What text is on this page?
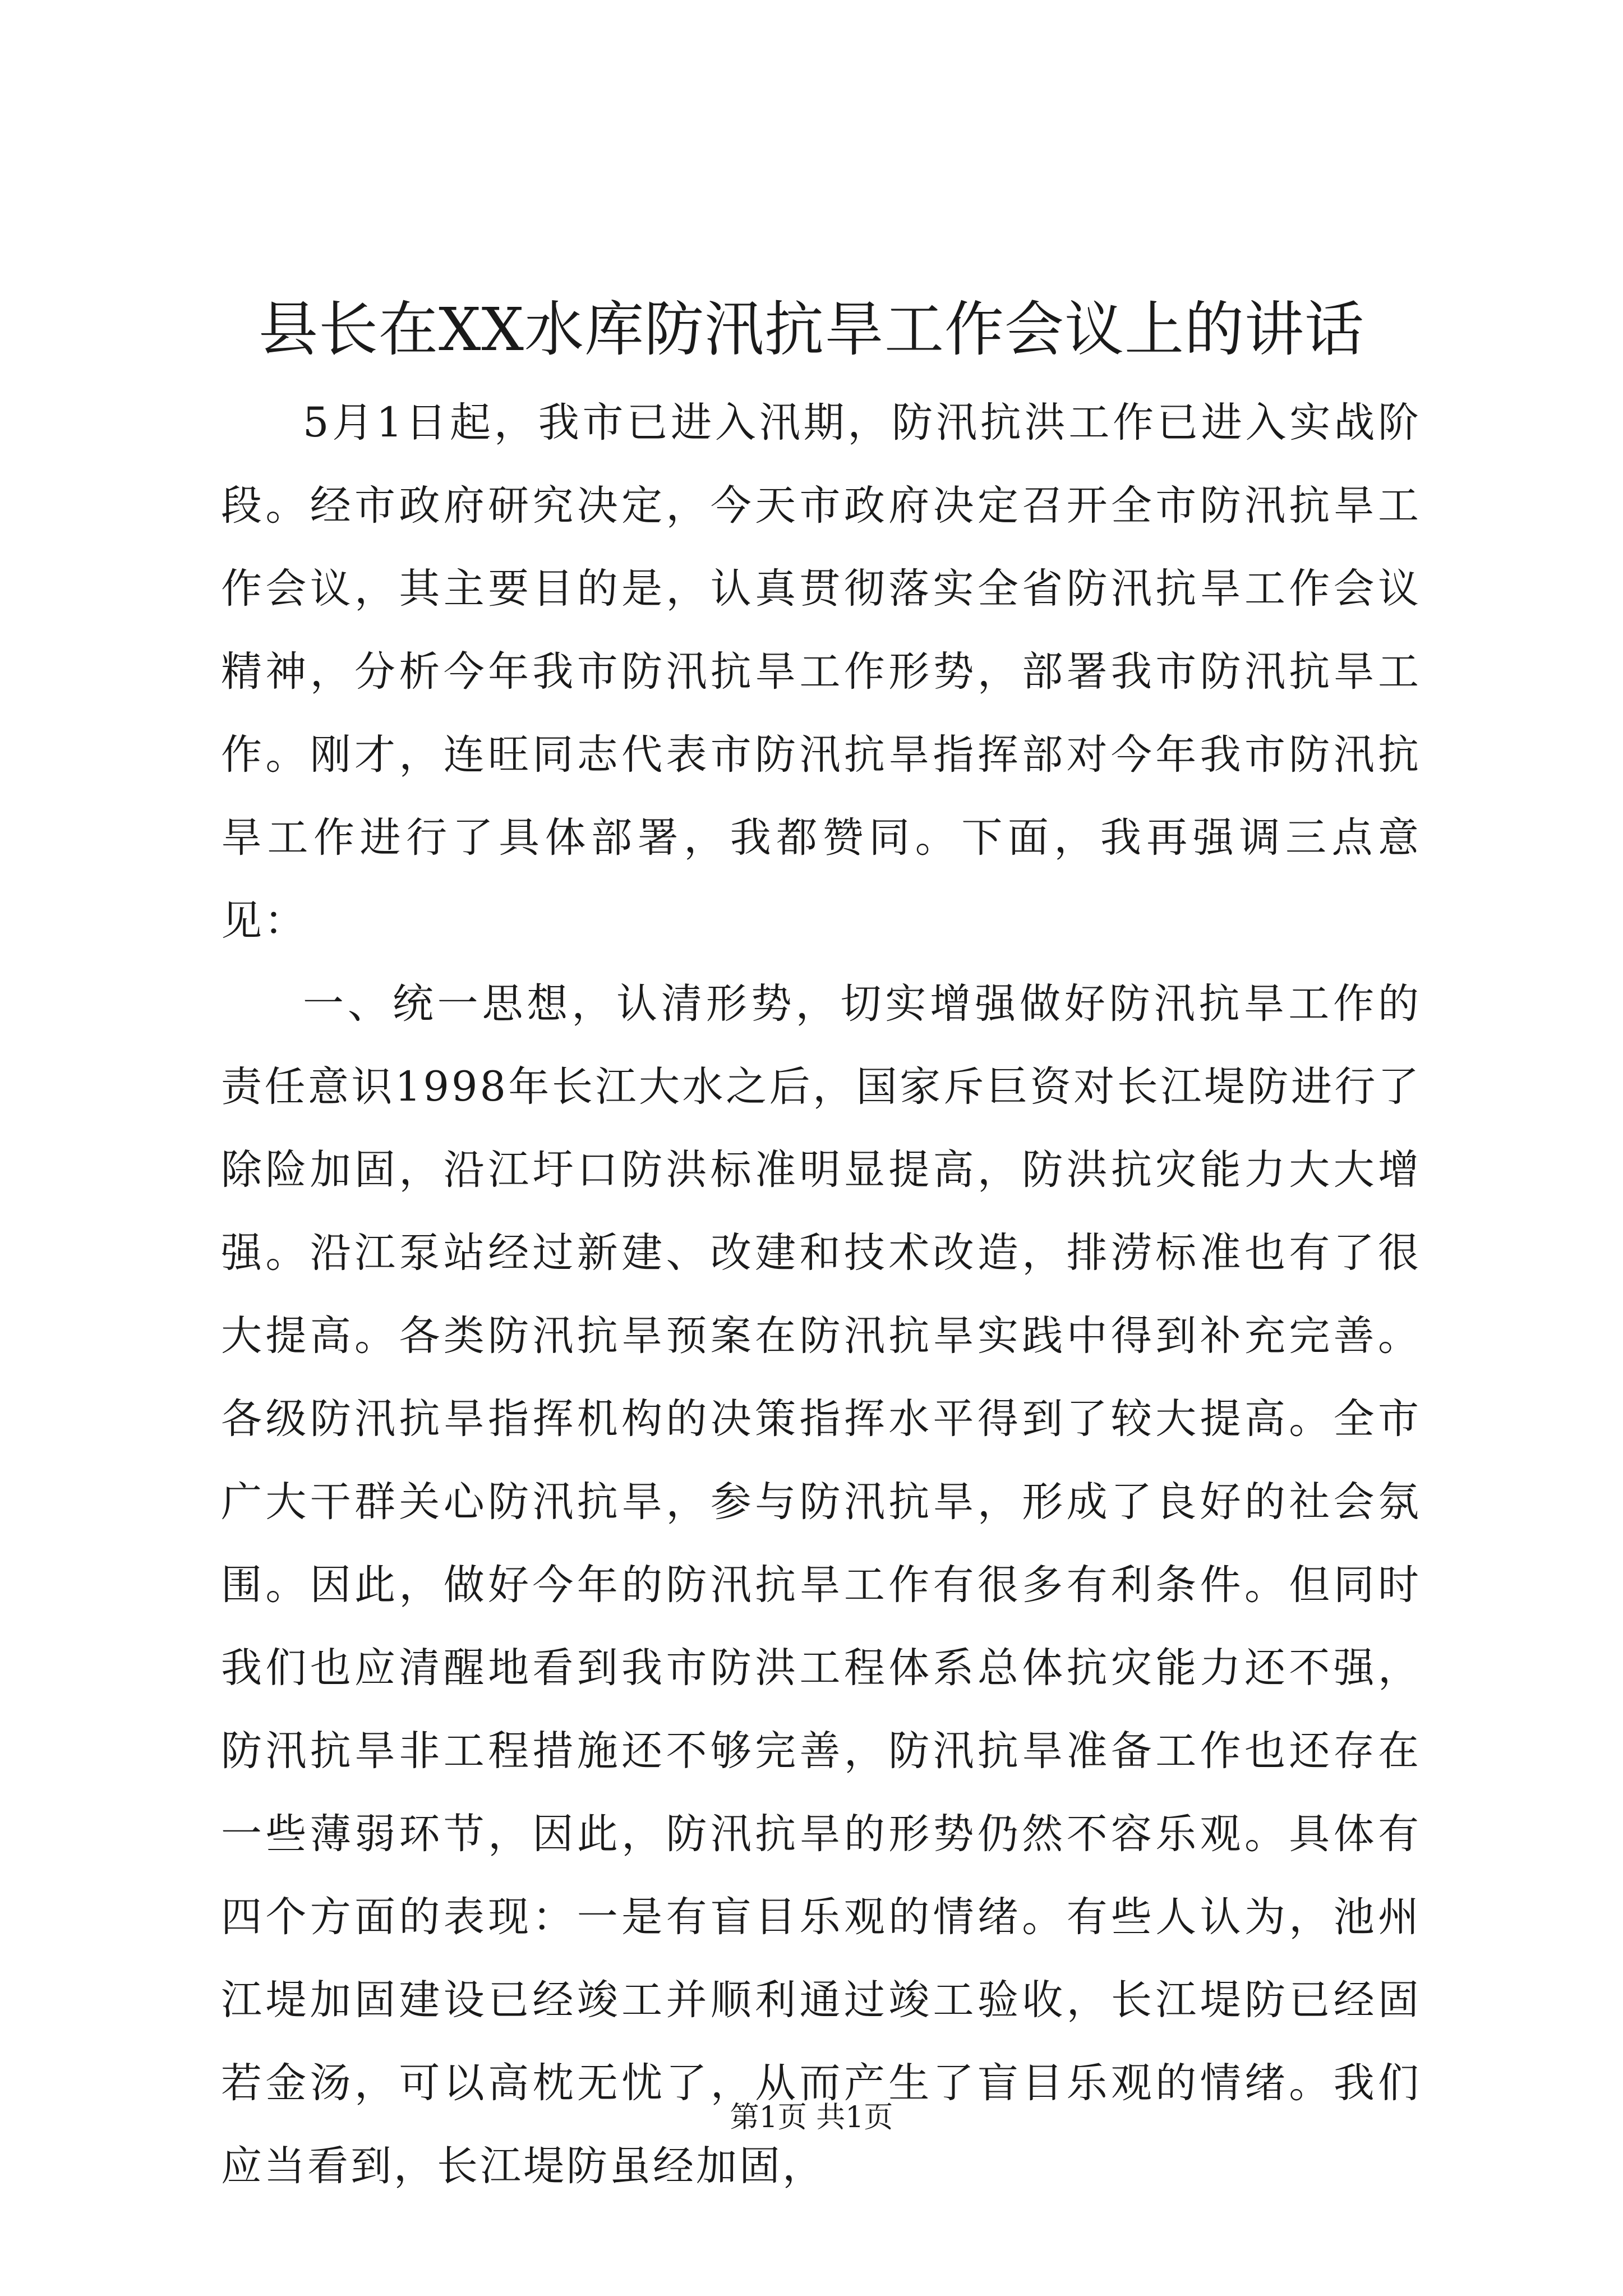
县长在XX水库防汛抗旱工作会议上的讲话

5月1日起，我市已进入汛期，防汛抗洪工作已进入实战阶段。经市政府研究决定，今天市政府决定召开全市防汛抗旱工作会议，其主要目的是，认真贯彻落实全省防汛抗旱工作会议精神，分析今年我市防汛抗旱工作形势，部署我市防汛抗旱工作。刚才，连旺同志代表市防汛抗旱指挥部对今年我市防汛抗旱工作进行了具体部署，我都赞同。下面，我再强调三点意见：

一、统一思想，认清形势，切实增强做好防汛抗旱工作的责任意识1998年长江大水之后，国家斥巨资对长江堤防进行了除险加固，沿江圩口防洪标准明显提高，防洪抗灾能力大大增强。沿江泵站经过新建、改建和技术改造，排涝标准也有了很大提高。各类防汛抗旱预案在防汛抗旱实践中得到补充完善。各级防汛抗旱指挥机构的决策指挥水平得到了较大提高。全市广大干群关心防汛抗旱，参与防汛抗旱，形成了良好的社会氛围。因此，做好今年的防汛抗旱工作有很多有利条件。但同时我们也应清醒地看到我市防洪工程体系总体抗灾能力还不强，防汛抗旱非工程措施还不够完善，防汛抗旱准备工作也还存在一些薄弱环节，因此，防汛抗旱的形势仍然不容乐观。具体有四个方面的表现：一是有盲目乐观的情绪。有些人认为，池州江堤加固建设已经竣工并顺利通过竣工验收，长江堤防已经固若金汤，可以高枕无忧了，从而产生了盲目乐观的情绪。我们应当看到，长江堤防虽经加固，

第1页 共1页
